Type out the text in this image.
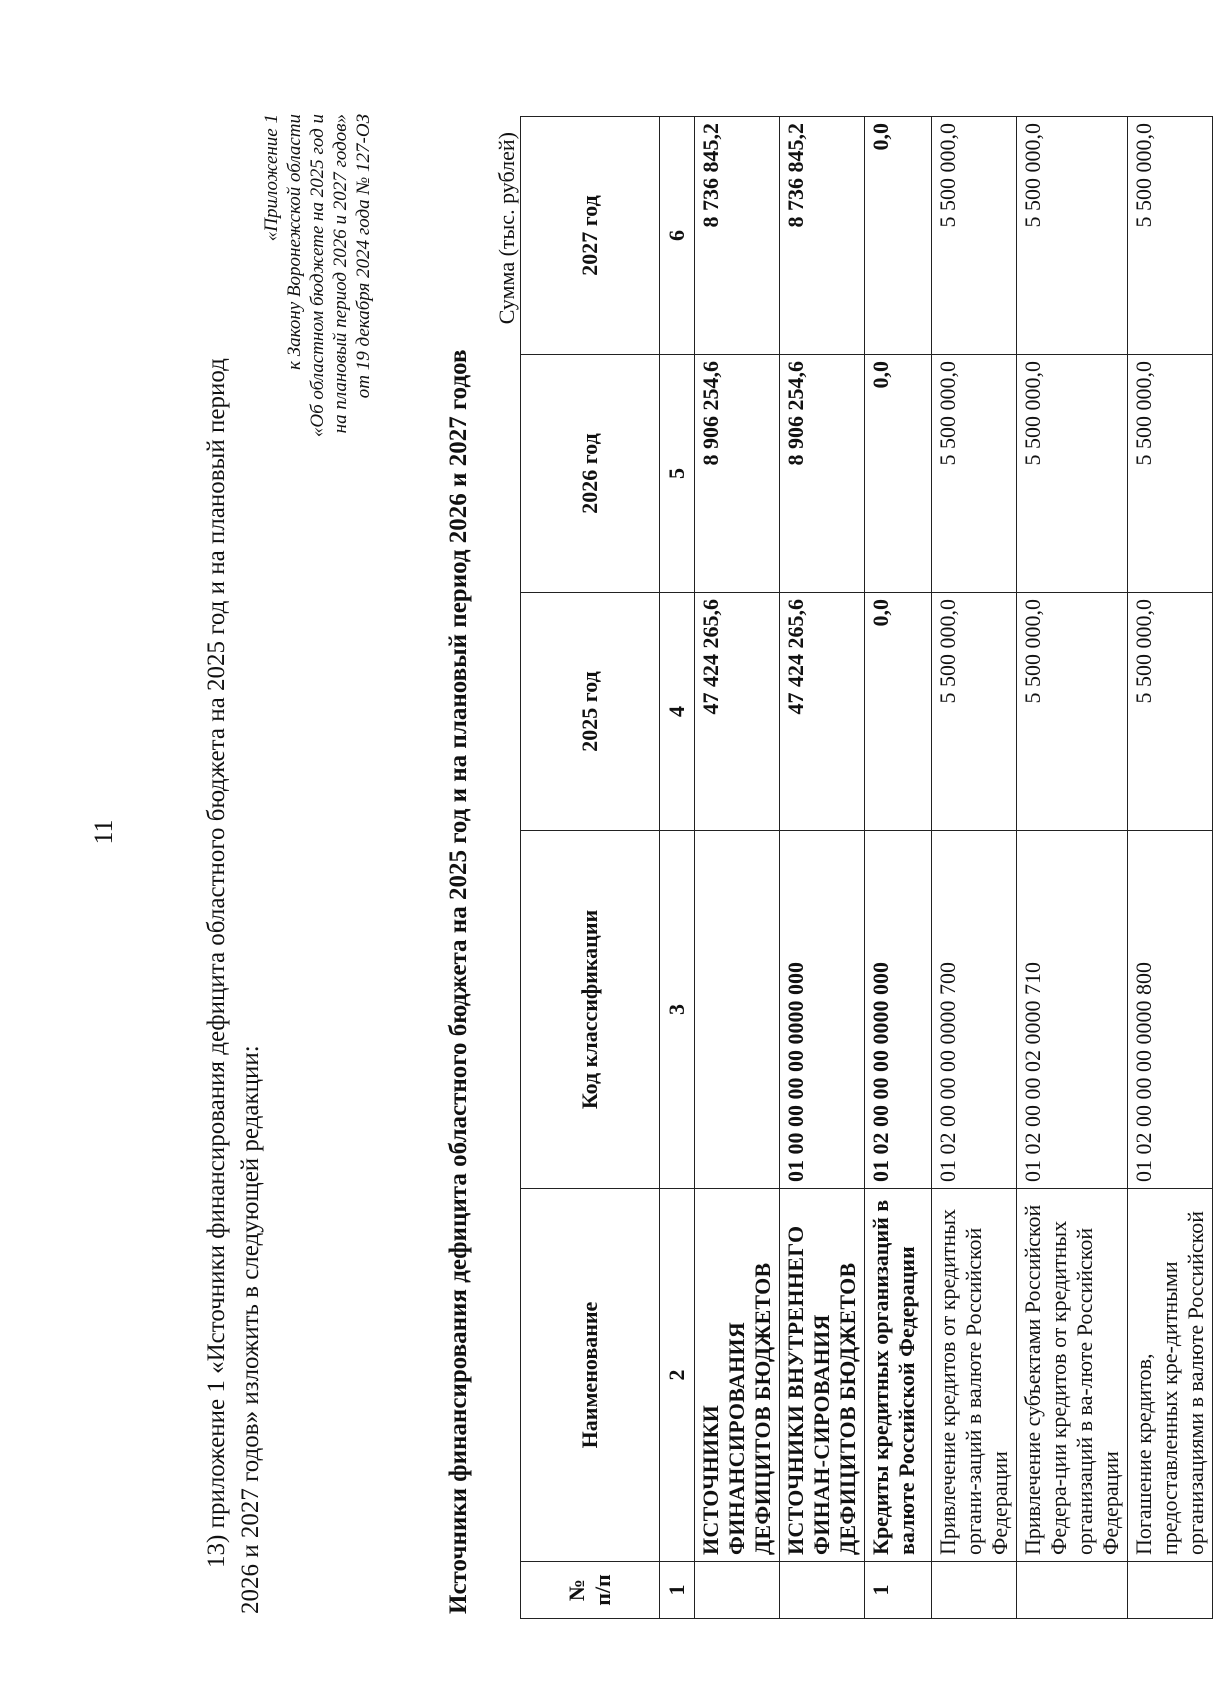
11	13) приложение 1 «Источники финансирования дефицита областного бюджета на 2025 год и на плановый период 2026 и 2027 годов» изложить в следующей редакции:
«Приложение 1 к Закону Воронежской области «Об областном бюджете на 2025 год и на плановый период 2026 и 2027 годов» от 19 декабря 2024 года № 127-ОЗ
Источники финансирования дефицита областного бюджета на 2025 год и на плановый период 2026 и 2027 годов
Сумма (тыс. рублей)
№ п/п	Наименование	Код классификации	2025 год	2026 год	2027 год
1	2	3	4	5	6
	ИСТОЧНИКИ ФИНАНСИРОВАНИЯ ДЕФИЦИТОВ БЮДЖЕТОВ		47 424 265,6	8 906 254,6	8 736 845,2
	ИСТОЧНИКИ ВНУТРЕННЕГО ФИНАН-СИРОВАНИЯ ДЕФИЦИТОВ БЮДЖЕТОВ	01 00 00 00 00 0000 000	47 424 265,6	8 906 254,6	8 736 845,2
1	Кредиты кредитных организаций в валюте Российской Федерации	01 02 00 00 00 0000 000	0,0	0,0	0,0
	Привлечение кредитов от кредитных органи-заций в валюте Российской Федерации	01 02 00 00 00 0000 700	5 500 000,0	5 500 000,0	5 500 000,0
	Привлечение субъектами Российской Федера-ции кредитов от кредитных организаций в ва-люте Российской Федерации	01 02 00 00 02 0000 710	5 500 000,0	5 500 000,0	5 500 000,0
	Погашение кредитов, предоставленных кре-дитными организациями в валюте Российской	01 02 00 00 00 0000 800	5 500 000,0	5 500 000,0	5 500 000,0
